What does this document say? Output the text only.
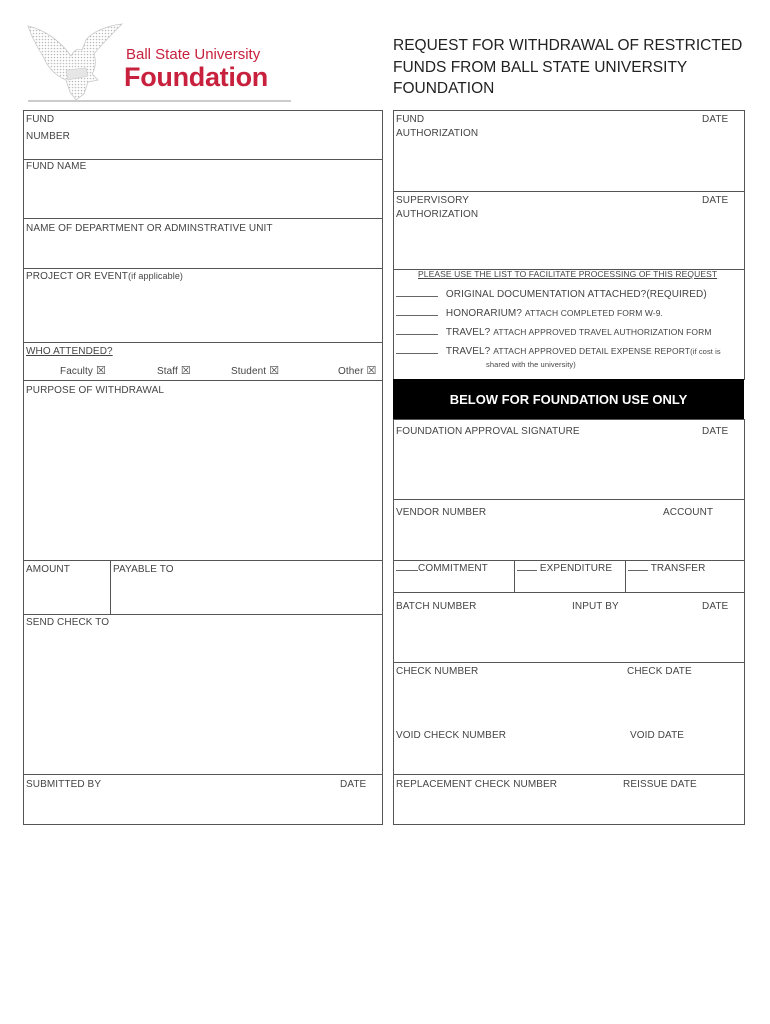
Ball State University
Foundation
REQUEST FOR WITHDRAWAL OF RESTRICTED FUNDS FROM BALL STATE UNIVERSITY FOUNDATION
FUND
NUMBER
FUND NAME
NAME OF DEPARTMENT OR ADMINSTRATIVE UNIT
PROJECT OR EVENT(if applicable)
WHO ATTENDED?
Faculty ☒	Staff ☒	Student ☒	Other ☒
PURPOSE OF WITHDRAWAL
AMOUNT	PAYABLE TO
SEND CHECK TO
SUBMITTED BY	DATE
FUND
AUTHORIZATION
DATE
SUPERVISORY
AUTHORIZATION
DATE
PLEASE USE THE LIST TO FACILITATE PROCESSING OF THIS REQUEST
ORIGINAL DOCUMENTATION ATTACHED?(REQUIRED)
HONORARIUM? ATTACH COMPLETED FORM W-9.
TRAVEL? ATTACH APPROVED TRAVEL AUTHORIZATION FORM
TRAVEL? ATTACH APPROVED DETAIL EXPENSE REPORT(if cost is
shared with the university)
BELOW FOR FOUNDATION USE ONLY
FOUNDATION APPROVAL SIGNATURE	DATE
VENDOR NUMBER	ACCOUNT
COMMITMENT	EXPENDITURE	TRANSFER
BATCH NUMBER	INPUT BY	DATE
CHECK NUMBER	CHECK DATE
VOID CHECK NUMBER	VOID DATE
REPLACEMENT CHECK NUMBER	REISSUE DATE
